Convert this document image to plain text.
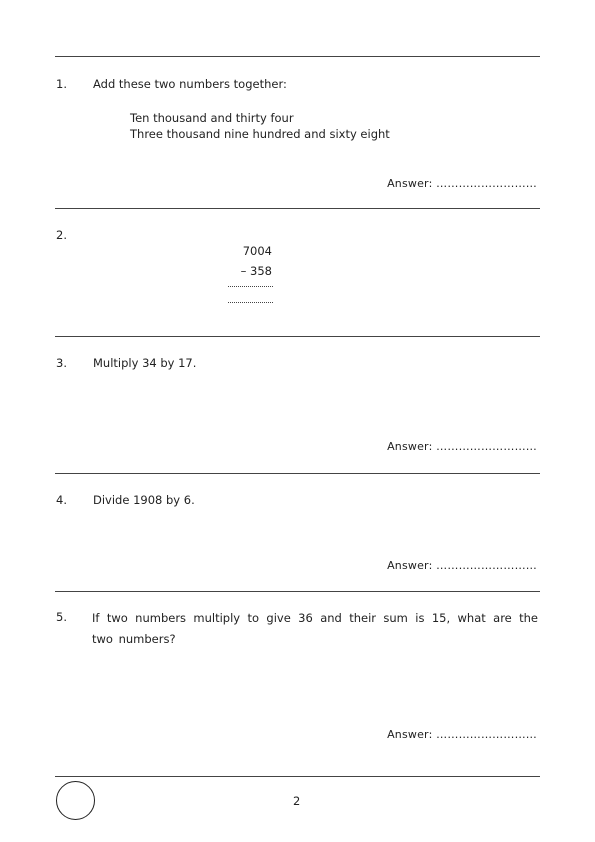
1. Add these two numbers together:
Ten thousand and thirty four
Three thousand nine hundred and sixty eight
Answer: ………………………
2.
7004
– 358
3. Multiply 34 by 17.
Answer: ………………………
4. Divide 1908 by 6.
Answer: ………………………
5. If two numbers multiply to give 36 and their sum is 15, what are the two numbers?
Answer: ………………………
2
